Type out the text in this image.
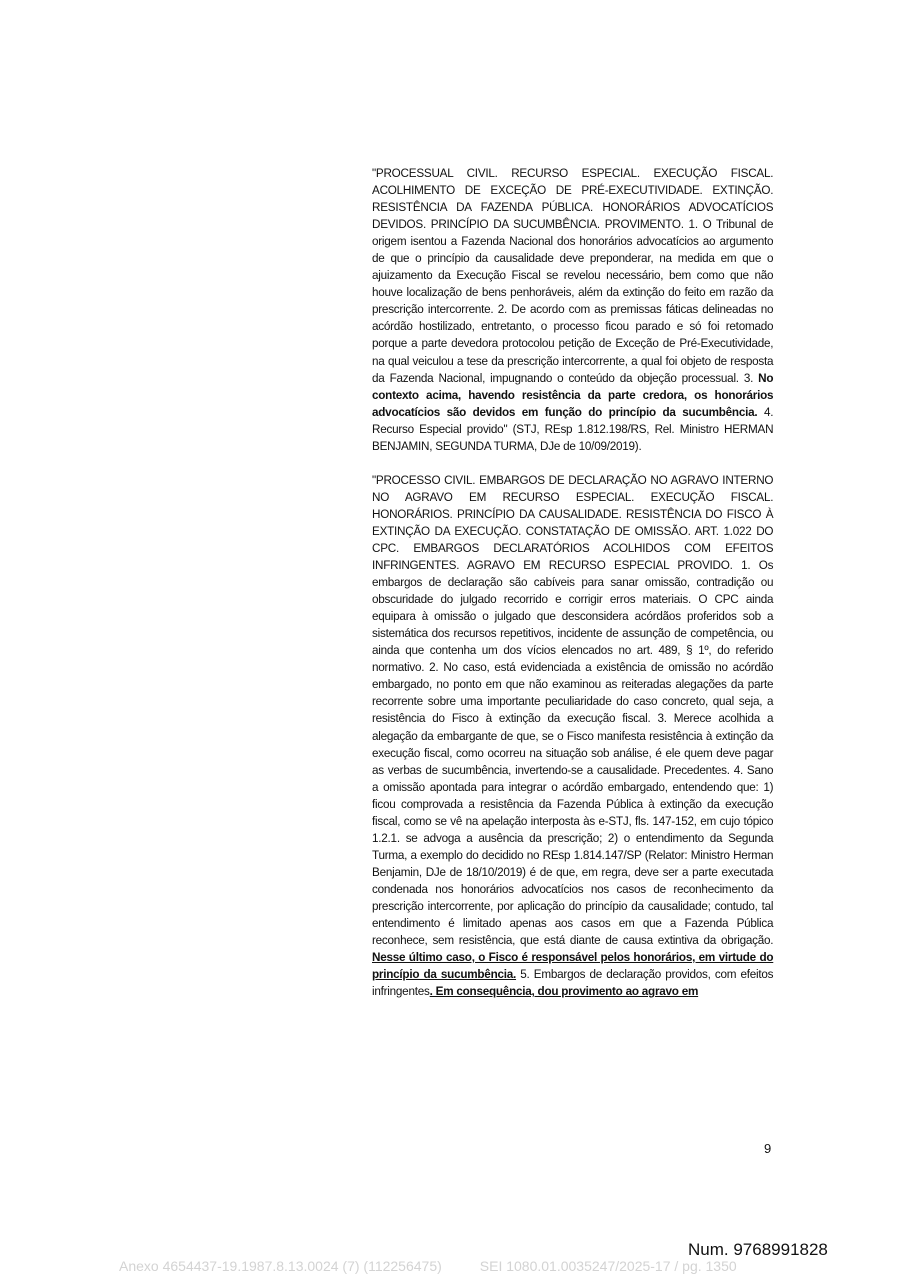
"PROCESSUAL CIVIL. RECURSO ESPECIAL. EXECUÇÃO FISCAL. ACOLHIMENTO DE EXCEÇÃO DE PRÉ-EXECUTIVIDADE. EXTINÇÃO. RESISTÊNCIA DA FAZENDA PÚBLICA. HONORÁRIOS ADVOCATÍCIOS DEVIDOS. PRINCÍPIO DA SUCUMBÊNCIA. PROVIMENTO. 1. O Tribunal de origem isentou a Fazenda Nacional dos honorários advocatícios ao argumento de que o princípio da causalidade deve preponderar, na medida em que o ajuizamento da Execução Fiscal se revelou necessário, bem como que não houve localização de bens penhoráveis, além da extinção do feito em razão da prescrição intercorrente. 2. De acordo com as premissas fáticas delineadas no acórdão hostilizado, entretanto, o processo ficou parado e só foi retomado porque a parte devedora protocolou petição de Exceção de Pré-Executividade, na qual veiculou a tese da prescrição intercorrente, a qual foi objeto de resposta da Fazenda Nacional, impugnando o conteúdo da objeção processual. 3. No contexto acima, havendo resistência da parte credora, os honorários advocatícios são devidos em função do princípio da sucumbência. 4. Recurso Especial provido" (STJ, REsp 1.812.198/RS, Rel. Ministro HERMAN BENJAMIN, SEGUNDA TURMA, DJe de 10/09/2019).

"PROCESSO CIVIL. EMBARGOS DE DECLARAÇÃO NO AGRAVO INTERNO NO AGRAVO EM RECURSO ESPECIAL. EXECUÇÃO FISCAL. HONORÁRIOS. PRINCÍPIO DA CAUSALIDADE. RESISTÊNCIA DO FISCO À EXTINÇÃO DA EXECUÇÃO. CONSTATAÇÃO DE OMISSÃO. ART. 1.022 DO CPC. EMBARGOS DECLARATÓRIOS ACOLHIDOS COM EFEITOS INFRINGENTES. AGRAVO EM RECURSO ESPECIAL PROVIDO. 1. Os embargos de declaração são cabíveis para sanar omissão, contradição ou obscuridade do julgado recorrido e corrigir erros materiais. O CPC ainda equipara à omissão o julgado que desconsidera acórdãos proferidos sob a sistemática dos recursos repetitivos, incidente de assunção de competência, ou ainda que contenha um dos vícios elencados no art. 489, § 1º, do referido normativo. 2. No caso, está evidenciada a existência de omissão no acórdão embargado, no ponto em que não examinou as reiteradas alegações da parte recorrente sobre uma importante peculiaridade do caso concreto, qual seja, a resistência do Fisco à extinção da execução fiscal. 3. Merece acolhida a alegação da embargante de que, se o Fisco manifesta resistência à extinção da execução fiscal, como ocorreu na situação sob análise, é ele quem deve pagar as verbas de sucumbência, invertendo-se a causalidade. Precedentes. 4. Sano a omissão apontada para integrar o acórdão embargado, entendendo que: 1) ficou comprovada a resistência da Fazenda Pública à extinção da execução fiscal, como se vê na apelação interposta às e-STJ, fls. 147-152, em cujo tópico 1.2.1. se advoga a ausência da prescrição; 2) o entendimento da Segunda Turma, a exemplo do decidido no REsp 1.814.147/SP (Relator: Ministro Herman Benjamin, DJe de 18/10/2019) é de que, em regra, deve ser a parte executada condenada nos honorários advocatícios nos casos de reconhecimento da prescrição intercorrente, por aplicação do princípio da causalidade; contudo, tal entendimento é limitado apenas aos casos em que a Fazenda Pública reconhece, sem resistência, que está diante de causa extintiva da obrigação. Nesse último caso, o Fisco é responsável pelos honorários, em virtude do princípio da sucumbência. 5. Embargos de declaração providos, com efeitos infringentes. Em consequência, dou provimento ao agravo em

9
Num. 9768991828
Anexo 4654437-19.1987.8.13.0024 (7) (112256475)	SEI 1080.01.0035247/2025-17 / pg. 1350
